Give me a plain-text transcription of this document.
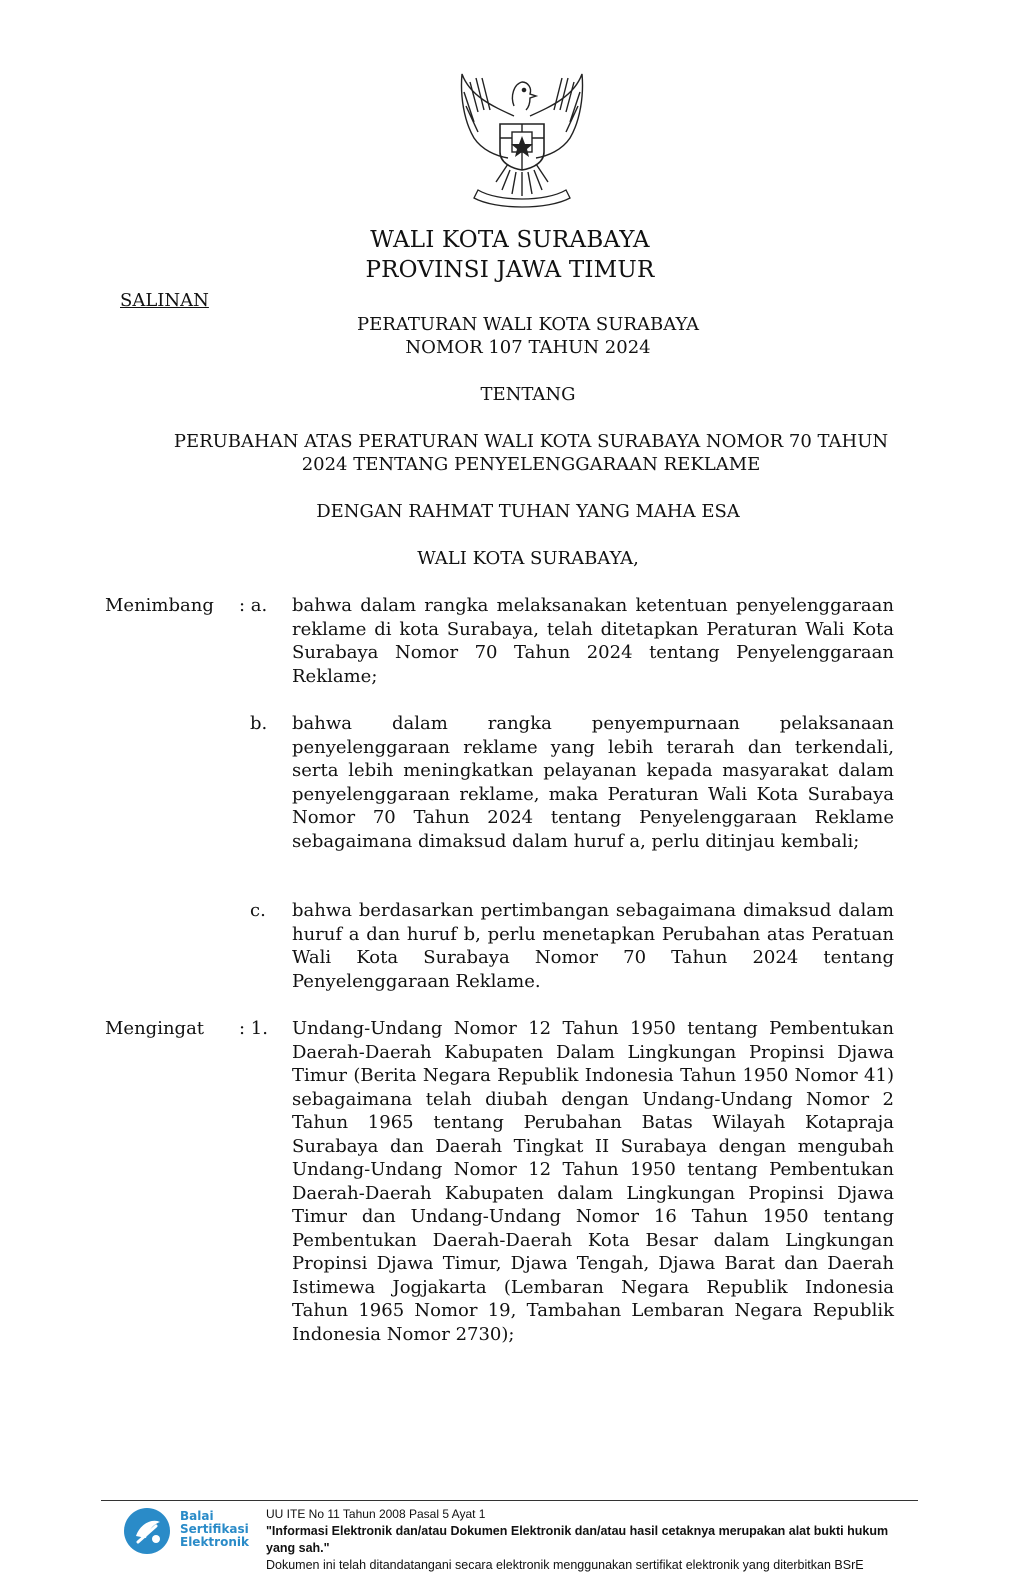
WALI KOTA SURABAYA
PROVINSI JAWA TIMUR
SALINAN
PERATURAN WALI KOTA SURABAYA
NOMOR 107 TAHUN 2024
TENTANG
PERUBAHAN ATAS PERATURAN WALI KOTA SURABAYA NOMOR 70 TAHUN
2024 TENTANG PENYELENGGARAAN REKLAME
DENGAN RAHMAT TUHAN YANG MAHA ESA
WALI KOTA SURABAYA,
Menimbang : a. bahwa dalam rangka melaksanakan ketentuan penyelenggaraan reklame di kota Surabaya, telah ditetapkan Peraturan Wali Kota Surabaya Nomor 70 Tahun 2024 tentang Penyelenggaraan Reklame;
b. bahwa dalam rangka penyempurnaan pelaksanaan penyelenggaraan reklame yang lebih terarah dan terkendali, serta lebih meningkatkan pelayanan kepada masyarakat dalam penyelenggaraan reklame, maka Peraturan Wali Kota Surabaya Nomor 70 Tahun 2024 tentang Penyelenggaraan Reklame sebagaimana dimaksud dalam huruf a, perlu ditinjau kembali;
c. bahwa berdasarkan pertimbangan sebagaimana dimaksud dalam huruf a dan huruf b, perlu menetapkan Perubahan atas Peratuan Wali Kota Surabaya Nomor 70 Tahun 2024 tentang Penyelenggaraan Reklame.
Mengingat : 1. Undang-Undang Nomor 12 Tahun 1950 tentang Pembentukan Daerah-Daerah Kabupaten Dalam Lingkungan Propinsi Djawa Timur (Berita Negara Republik Indonesia Tahun 1950 Nomor 41) sebagaimana telah diubah dengan Undang-Undang Nomor 2 Tahun 1965 tentang Perubahan Batas Wilayah Kotapraja Surabaya dan Daerah Tingkat II Surabaya dengan mengubah Undang-Undang Nomor 12 Tahun 1950 tentang Pembentukan Daerah-Daerah Kabupaten dalam Lingkungan Propinsi Djawa Timur dan Undang-Undang Nomor 16 Tahun 1950 tentang Pembentukan Daerah-Daerah Kota Besar dalam Lingkungan Propinsi Djawa Timur, Djawa Tengah, Djawa Barat dan Daerah Istimewa Jogjakarta (Lembaran Negara Republik Indonesia Tahun 1965 Nomor 19, Tambahan Lembaran Negara Republik Indonesia Nomor 2730);
Balai
Sertifikasi
Elektronik
UU ITE No 11 Tahun 2008 Pasal 5 Ayat 1
"Informasi Elektronik dan/atau Dokumen Elektronik dan/atau hasil cetaknya merupakan alat bukti hukum yang sah."
Dokumen ini telah ditandatangani secara elektronik menggunakan sertifikat elektronik yang diterbitkan BSrE
